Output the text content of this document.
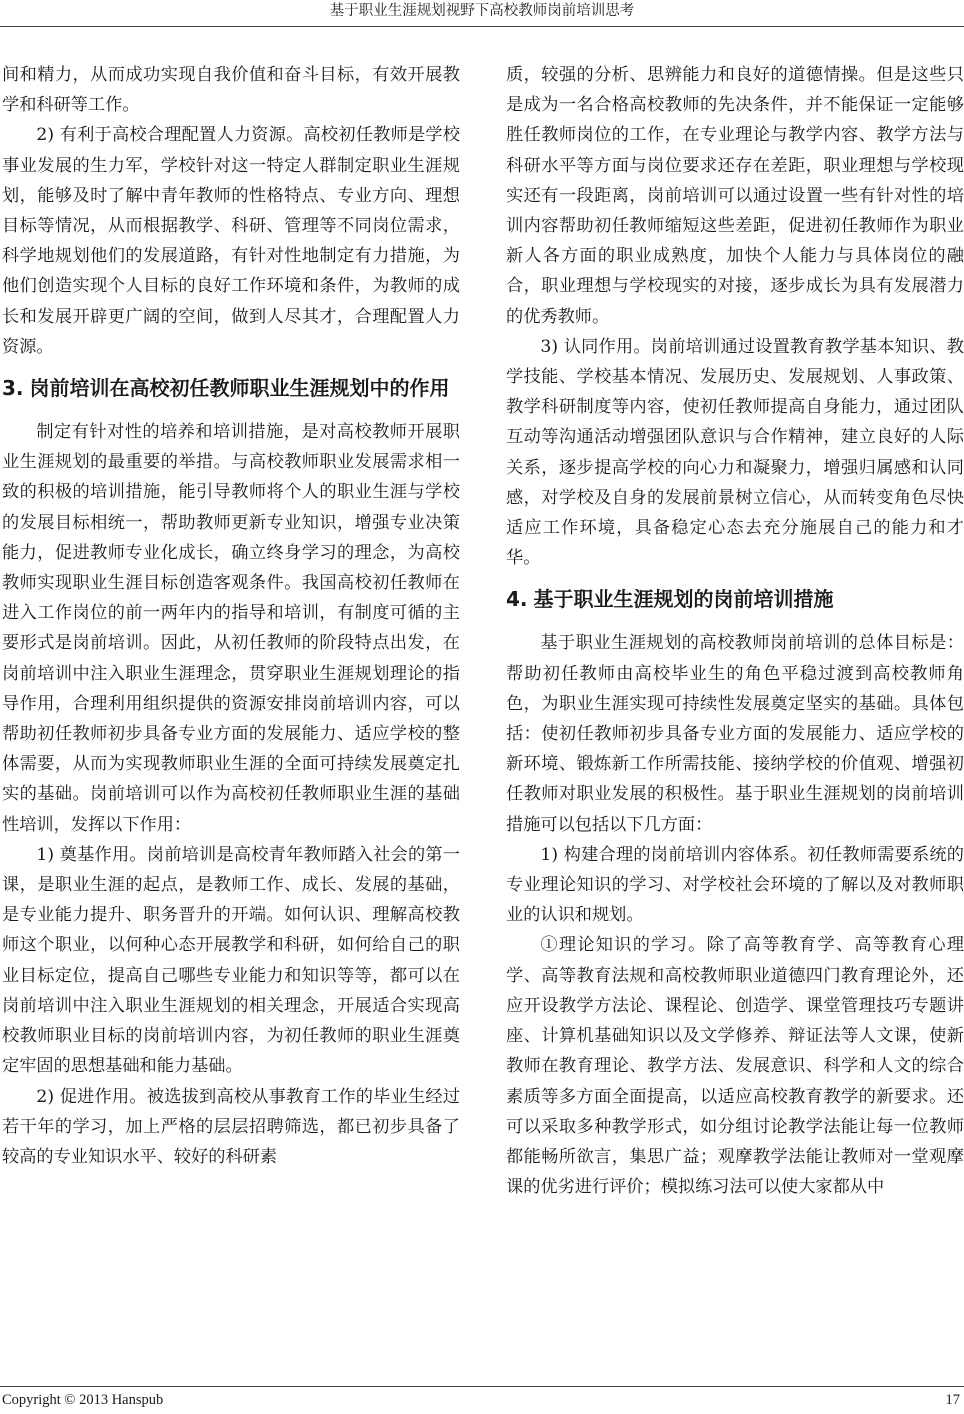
基于职业生涯规划视野下高校教师岗前培训思考

间和精力，从而成功实现自我价值和奋斗目标，有效开展教学和科研等工作。

2) 有利于高校合理配置人力资源。高校初任教师是学校事业发展的生力军，学校针对这一特定人群制定职业生涯规划，能够及时了解中青年教师的性格特点、专业方向、理想目标等情况，从而根据教学、科研、管理等不同岗位需求，科学地规划他们的发展道路，有针对性地制定有力措施，为他们创造实现个人目标的良好工作环境和条件，为教师的成长和发展开辟更广阔的空间，做到人尽其才，合理配置人力资源。

3. 岗前培训在高校初任教师职业生涯规划中的作用

制定有针对性的培养和培训措施，是对高校教师开展职业生涯规划的最重要的举措。与高校教师职业发展需求相一致的积极的培训措施，能引导教师将个人的职业生涯与学校的发展目标相统一，帮助教师更新专业知识，增强专业决策能力，促进教师专业化成长，确立终身学习的理念，为高校教师实现职业生涯目标创造客观条件。我国高校初任教师在进入工作岗位的前一两年内的指导和培训，有制度可循的主要形式是岗前培训。因此，从初任教师的阶段特点出发，在岗前培训中注入职业生涯理念，贯穿职业生涯规划理论的指导作用，合理利用组织提供的资源安排岗前培训内容，可以帮助初任教师初步具备专业方面的发展能力、适应学校的整体需要，从而为实现教师职业生涯的全面可持续发展奠定扎实的基础。岗前培训可以作为高校初任教师职业生涯的基础性培训，发挥以下作用：

1) 奠基作用。岗前培训是高校青年教师踏入社会的第一课，是职业生涯的起点，是教师工作、成长、发展的基础，是专业能力提升、职务晋升的开端。如何认识、理解高校教师这个职业，以何种心态开展教学和科研，如何给自己的职业目标定位，提高自己哪些专业能力和知识等等，都可以在岗前培训中注入职业生涯规划的相关理念，开展适合实现高校教师职业目标的岗前培训内容，为初任教师的职业生涯奠定牢固的思想基础和能力基础。

2) 促进作用。被选拔到高校从事教育工作的毕业生经过若干年的学习，加上严格的层层招聘筛选，都已初步具备了较高的专业知识水平、较好的科研素

质，较强的分析、思辨能力和良好的道德情操。但是这些只是成为一名合格高校教师的先决条件，并不能保证一定能够胜任教师岗位的工作，在专业理论与教学内容、教学方法与科研水平等方面与岗位要求还存在差距，职业理想与学校现实还有一段距离，岗前培训可以通过设置一些有针对性的培训内容帮助初任教师缩短这些差距，促进初任教师作为职业新人各方面的职业成熟度，加快个人能力与具体岗位的融合，职业理想与学校现实的对接，逐步成长为具有发展潜力的优秀教师。

3) 认同作用。岗前培训通过设置教育教学基本知识、教学技能、学校基本情况、发展历史、发展规划、人事政策、教学科研制度等内容，使初任教师提高自身能力，通过团队互动等沟通活动增强团队意识与合作精神，建立良好的人际关系，逐步提高学校的向心力和凝聚力，增强归属感和认同感，对学校及自身的发展前景树立信心，从而转变角色尽快适应工作环境，具备稳定心态去充分施展自己的能力和才华。

4. 基于职业生涯规划的岗前培训措施

基于职业生涯规划的高校教师岗前培训的总体目标是：帮助初任教师由高校毕业生的角色平稳过渡到高校教师角色，为职业生涯实现可持续性发展奠定坚实的基础。具体包括：使初任教师初步具备专业方面的发展能力、适应学校的新环境、锻炼新工作所需技能、接纳学校的价值观、增强初任教师对职业发展的积极性。基于职业生涯规划的岗前培训措施可以包括以下几方面：

1) 构建合理的岗前培训内容体系。初任教师需要系统的专业理论知识的学习、对学校社会环境的了解以及对教师职业的认识和规划。

①理论知识的学习。除了高等教育学、高等教育心理学、高等教育法规和高校教师职业道德四门教育理论外，还应开设教学方法论、课程论、创造学、课堂管理技巧专题讲座、计算机基础知识以及文学修养、辩证法等人文课，使新教师在教育理论、教学方法、发展意识、科学和人文的综合素质等多方面全面提高，以适应高校教育教学的新要求。还可以采取多种教学形式，如分组讨论教学法能让每一位教师都能畅所欲言，集思广益；观摩教学法能让教师对一堂观摩课的优劣进行评价；模拟练习法可以使大家都从中

Copyright © 2013 Hanspub	17
